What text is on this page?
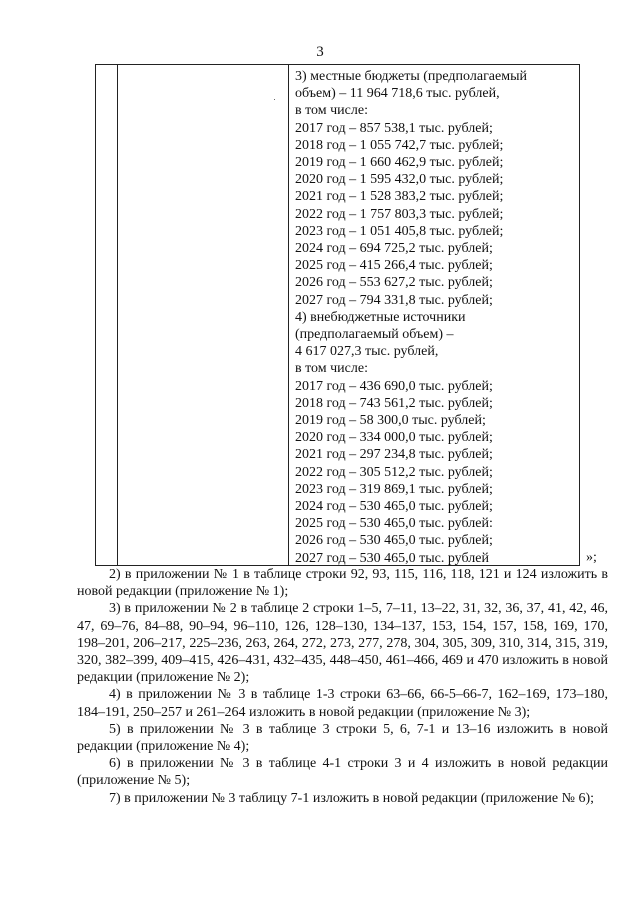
3
3) местные бюджеты (предполагаемый
объем) – 11 964 718,6 тыс. рублей,
в том числе:
2017 год – 857 538,1 тыс. рублей;
2018 год – 1 055 742,7 тыс. рублей;
2019 год – 1 660 462,9 тыс. рублей;
2020 год – 1 595 432,0 тыс. рублей;
2021 год – 1 528 383,2 тыс. рублей;
2022 год – 1 757 803,3 тыс. рублей;
2023 год – 1 051 405,8 тыс. рублей;
2024 год – 694 725,2 тыс. рублей;
2025 год – 415 266,4 тыс. рублей;
2026 год – 553 627,2 тыс. рублей;
2027 год – 794 331,8 тыс. рублей;
4) внебюджетные источники
(предполагаемый объем) –
4 617 027,3 тыс. рублей,
в том числе:
2017 год – 436 690,0 тыс. рублей;
2018 год – 743 561,2 тыс. рублей;
2019 год – 58 300,0 тыс. рублей;
2020 год – 334 000,0 тыс. рублей;
2021 год – 297 234,8 тыс. рублей;
2022 год – 305 512,2 тыс. рублей;
2023 год – 319 869,1 тыс. рублей;
2024 год – 530 465,0 тыс. рублей;
2025 год – 530 465,0 тыс. рублей:
2026 год – 530 465,0 тыс. рублей;
2027 год – 530 465,0 тыс. рублей	»;

2) в приложении № 1 в таблице строки 92, 93, 115, 116, 118, 121 и 124 изложить в новой редакции (приложение № 1);

3) в приложении № 2 в таблице 2 строки 1–5, 7–11, 13–22, 31, 32, 36, 37, 41, 42, 46, 47, 69–76, 84–88, 90–94, 96–110, 126, 128–130, 134–137, 153, 154, 157, 158, 169, 170, 198–201, 206–217, 225–236, 263, 264, 272, 273, 277, 278, 304, 305, 309, 310, 314, 315, 319, 320, 382–399, 409–415, 426–431, 432–435, 448–450, 461–466, 469 и 470 изложить в новой редакции (приложение № 2);

4) в приложении № 3 в таблице 1-3 строки 63–66, 66-5–66-7, 162–169, 173–180, 184–191, 250–257 и 261–264 изложить в новой редакции (приложение № 3);

5) в приложении № 3 в таблице 3 строки 5, 6, 7-1 и 13–16 изложить в новой редакции (приложение № 4);

6) в приложении № 3 в таблице 4-1 строки 3 и 4 изложить в новой редакции (приложение № 5);

7) в приложении № 3 таблицу 7-1 изложить в новой редакции (приложение № 6);
